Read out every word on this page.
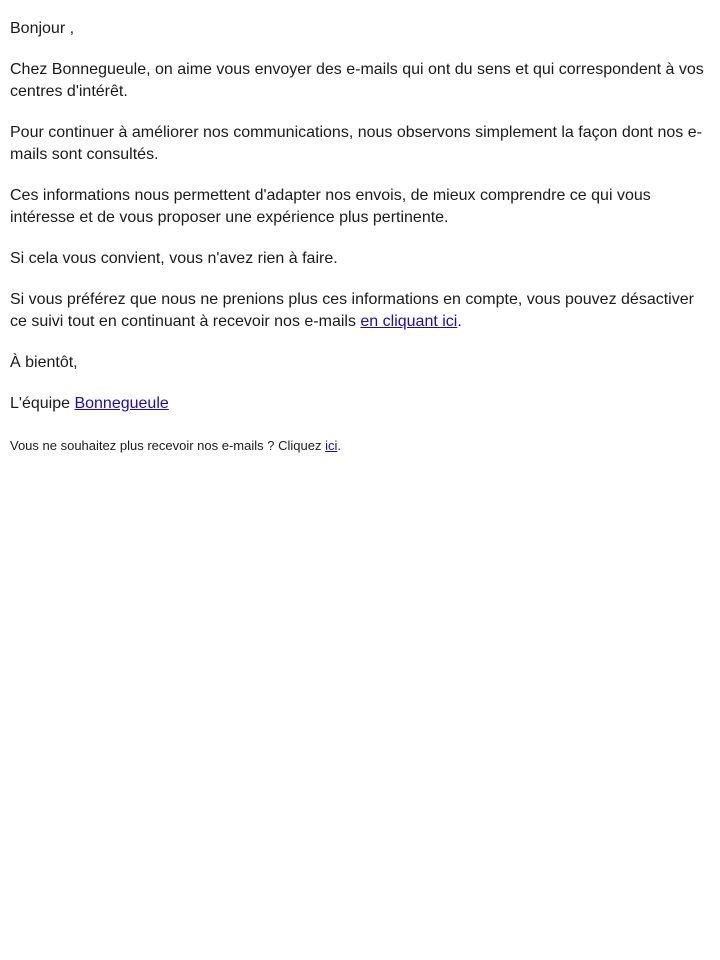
Bonjour ,

Chez Bonnegueule, on aime vous envoyer des e-mails qui ont du sens et qui correspondent à vos centres d'intérêt.

Pour continuer à améliorer nos communications, nous observons simplement la façon dont nos e-mails sont consultés.

Ces informations nous permettent d'adapter nos envois, de mieux comprendre ce qui vous intéresse et de vous proposer une expérience plus pertinente.

Si cela vous convient, vous n'avez rien à faire.

Si vous préférez que nous ne prenions plus ces informations en compte, vous pouvez désactiver ce suivi tout en continuant à recevoir nos e-mails en cliquant ici.

À bientôt,

L'équipe Bonnegueule

Vous ne souhaitez plus recevoir nos e-mails ? Cliquez ici.
